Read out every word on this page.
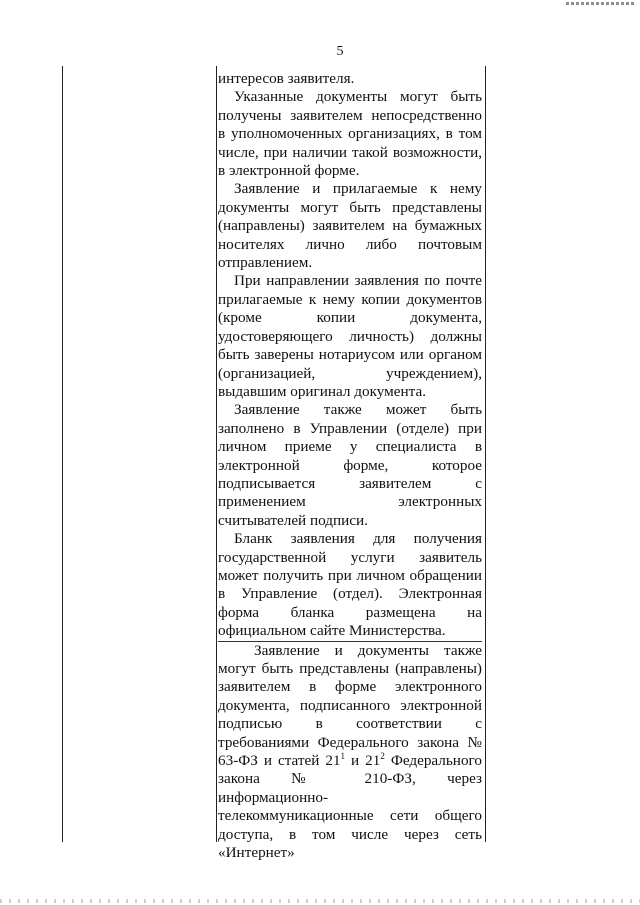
5

интересов заявителя.

Указанные документы могут быть получены заявителем непосредственно в уполномоченных организациях, в том числе, при наличии такой возможности, в электронной форме.

Заявление и прилагаемые к нему документы могут быть представлены (направлены) заявителем на бумажных носителях лично либо почтовым отправлением.

При направлении заявления по почте прилагаемые к нему копии документов (кроме копии документа, удостоверяющего личность) должны быть заверены нотариусом или органом (организацией, учреждением), выдавшим оригинал документа.

Заявление также может быть заполнено в Управлении (отделе) при личном приеме у специалиста в электронной форме, которое подписывается заявителем с применением электронных считывателей подписи.

Бланк заявления для получения государственной услуги заявитель может получить при личном обращении в Управление (отдел). Электронная форма бланка размещена на официальном сайте Министерства.

Заявление и документы также могут быть представлены (направлены) заявителем в форме электронного документа, подписанного электронной подписью в соответствии с требованиями Федерального закона № 63-ФЗ и статей $21^1$ и $21^2$ Федерального закона № 210-ФЗ, через информационно-телекоммуникационные сети общего доступа, в том числе через сеть «Интернет»
